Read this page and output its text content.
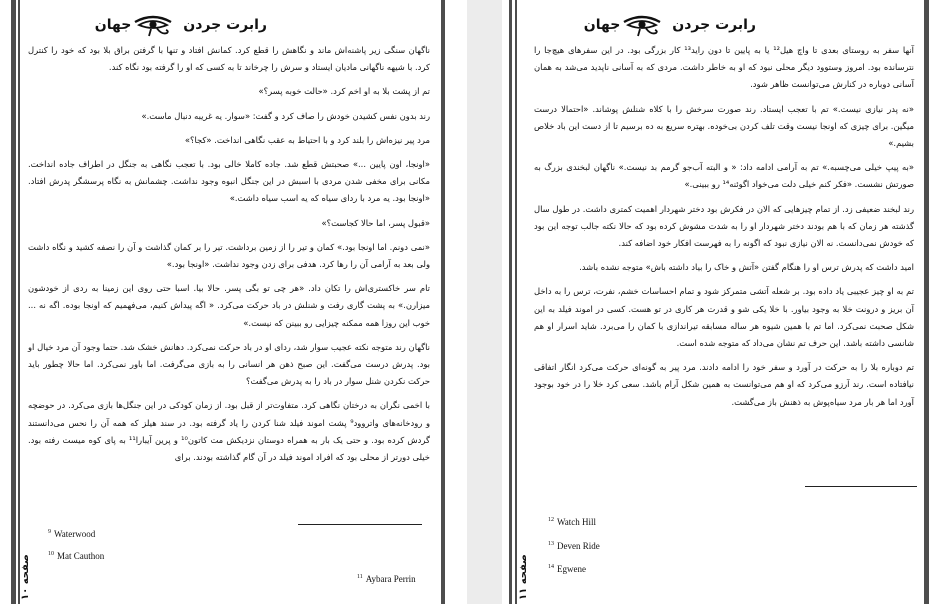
رابرت جردن
جهان

ناگهان سنگی زیر پاشنه‌اش ماند و نگاهش را قطع کرد. کمانش افتاد و تنها با گرفتن براق بلا بود که خود را کنترل کرد. با شیهه ناگهانی مادیان ایستاد و سرش را چرخاند تا به کسی که او را گرفته بود نگاه کند.

تم از پشت بلا به او اخم کرد. «حالت خوبه پسر؟»

رند بدون نفس کشیدن خودش را صاف کرد و گفت: «سوار. یه غریبه دنبال ماست.»

مرد پیر نیزه‌اش را بلند کرد و با احتیاط به عقب نگاهی انداخت. «کجا؟»

«اونجا، اون پایین ...» صحبتش قطع شد. جاده کاملا خالی بود. با تعجب نگاهی به جنگل در اطراف جاده انداخت. مکانی برای مخفی شدن مردی با اسبش در این جنگل انبوه وجود نداشت. چشمانش به نگاه پرسشگر پدرش افتاد. «اونجا بود. یه مرد با ردای سیاه که یه اسب سیاه داشت.»

«قبول پسر، اما حالا کجاست؟»

«نمی دونم. اما اونجا بود.» کمان و تیر را از زمین برداشت. تیر را بر کمان گذاشت و آن را نصفه کشید و نگاه داشت ولی بعد به آرامی آن را رها کرد. هدفی برای زدن وجود نداشت. «اونجا بود.»

تام سر خاکستری‌اش را تکان داد. «هر چی تو بگی پسر. حالا بیا. اسبا حتی روی این زمینا به ردی از خودشون میزارن.» به پشت گاری رفت و شنلش در باد حرکت می‌کرد. « اگه پیداش کنیم، می‌فهمیم که اونجا بوده. اگه نه ... خوب این روزا همه ممکنه چیزایی رو ببینن که نیست.»

ناگهان رند متوجه نکته عجیب سوار شد، ردای او در باد حرکت نمی‌کرد. دهانش خشک شد. حتما وجود آن مرد خیال او بود. پدرش درست می‌گفت. این صبح ذهن هر انسانی را به بازی می‌گرفت. اما باور نمی‌کرد. اما حالا چطور باید حرکت نکردن شنل سوار در باد را به پدرش می‌گفت؟

با اخمی نگران به درختان نگاهی کرد. متفاوت‌تر از قبل بود. از زمان کودکی در این جنگل‌ها بازی می‌کرد. در حوضچه و رودخانه‌های واتروود⁹ پشت اموند فیلد شنا کردن را یاد گرفته بود. در سند هیلز که همه آن را نحس می‌دانستند گردش کرده بود. و حتی یک بار به همراه دوستان نزدیکش مت کاتون¹⁰ و پرین آیبارا¹¹ به پای کوه میست رفته بود. خیلی دورتر از محلی بود که افراد اموند فیلد در آن گام گذاشته بودند. برای

$^9$ Waterwood
$^{10}$ Mat Cauthon
$^{11}$ Aybara Perrin
صفحه ۱۰
رابرت جردن
جهان

آنها سفر به روستای بعدی تا واچ هیل¹² یا به پایین تا دون راید¹³ کار بزرگی بود. در این سفرهای هیچ‌جا را نترسانده بود. امروز وستوود دیگر محلی نبود که او به خاطر داشت. مردی که به آسانی ناپدید می‌شد به همان آسانی دوباره در کنارش می‌توانست ظاهر شود.

«نه پدر نیازی نیست.» تم با تعجب ایستاد. رند صورت سرخش را با کلاه شنلش پوشاند. «احتمالا درست میگین. برای چیزی که اونجا نیست وقت تلف کردن بی‌خوده. بهتره سریع به ده برسیم تا از دست این باد خلاص بشیم.»

«به پیپ خیلی می‌چسبه.» تم به آرامی ادامه داد: « و البته آب‌جو گرمم بد نیست.» ناگهان لبخندی بزرگ به صورتش نشست. «فکر کنم خیلی دلت می‌خواد اگوئنه¹⁴ رو ببینی.»

رند لبخند ضعیفی زد. از تمام چیزهایی که الان در فکرش بود دختر شهردار اهمیت کمتری داشت. در طول سال گذشته هر زمان که با هم بودند دختر شهردار او را به شدت مشوش کرده بود که حالا نکته جالب توجه این بود که خودش نمی‌دانست. نه الان نیازی نبود که اگونه را به فهرست افکار خود اضافه کند.

امید داشت که پدرش ترس او را هنگام گفتن «آتش و خاک را بیاد داشته باش» متوجه نشده باشد.

تم به او چیز عجیبی یاد داده بود. بر شعله آتشی متمرکز شود و تمام احساسات خشم، نفرت، ترس را به داخل آن بریز و درونت خلا به وجود بیاور. با خلا یکی شو و قدرت هر کاری در تو هست. کسی در اموند فیلد به این شکل صحبت نمی‌کرد. اما تم با همین شیوه هر ساله مسابقه تیراندازی با کمان را می‌برد. شاید اسرار او هم شانسی داشته باشد. این حرف تم نشان می‌داد که متوجه شده است.

تم دوباره بلا را به حرکت در آورد و سفر خود را ادامه دادند. مرد پیر به گونه‌ای حرکت می‌کرد انگار اتفاقی نیافتاده است. رند آرزو می‌کرد که او هم می‌توانست به همین شکل آرام باشد. سعی کرد خلا را در خود بوجود آورد اما هر بار مرد سیاه‌پوش به ذهنش باز می‌گشت.

$^{12}$ Watch Hill
$^{13}$ Deven Ride
$^{14}$ Egwene
صفحه ۱۱
